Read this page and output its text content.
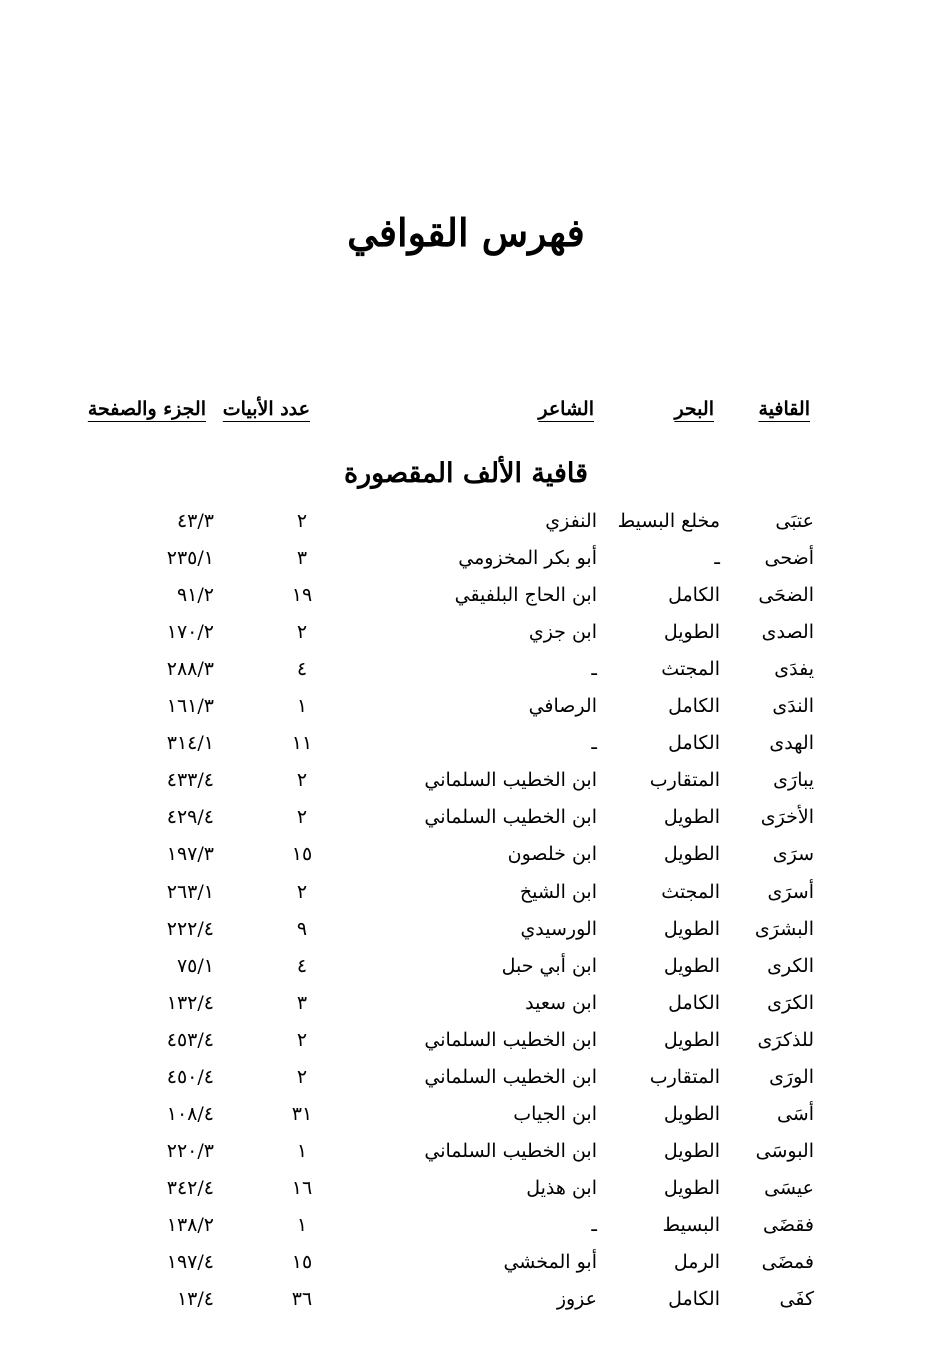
فهرس القوافي
القافية
البحر
الشاعر
عدد الأبيات
الجزء والصفحة
قافية الألف المقصورة
عتبَى
مخلع البسيط
النفزي
٢
٤٣/٣
أضحى
ـ
أبو بكر المخزومي
٣
٢٣٥/١
الضحَى
الكامل
ابن الحاج البلفيقي
١٩
٩١/٢
الصدى
الطويل
ابن جزي
٢
١٧٠/٢
يفدَى
المجتث
ـ
٤
٢٨٨/٣
الندَى
الكامل
الرصافي
١
١٦١/٣
الهدى
الكامل
ـ
١١
٣١٤/١
يبارَى
المتقارب
ابن الخطيب السلماني
٢
٤٣٣/٤
الأخرَى
الطويل
ابن الخطيب السلماني
٢
٤٢٩/٤
سرَى
الطويل
ابن خلصون
١٥
١٩٧/٣
أسرَى
المجتث
ابن الشيخ
٢
٢٦٣/١
البشرَى
الطويل
الورسيدي
٩
٢٢٢/٤
الكرى
الطويل
ابن أبي حبل
٤
٧٥/١
الكرَى
الكامل
ابن سعيد
٣
١٣٢/٤
للذكرَى
الطويل
ابن الخطيب السلماني
٢
٤٥٣/٤
الورَى
المتقارب
ابن الخطيب السلماني
٢
٤٥٠/٤
أسَى
الطويل
ابن الجياب
٣١
١٠٨/٤
البوسَى
الطويل
ابن الخطيب السلماني
١
٢٢٠/٣
عيسَى
الطويل
ابن هذيل
١٦
٣٤٢/٤
فقضَى
البسيط
ـ
١
١٣٨/٢
فمضَى
الرمل
أبو المخشي
١٥
١٩٧/٤
كفَى
الكامل
عزوز
٣٦
١٣/٤
